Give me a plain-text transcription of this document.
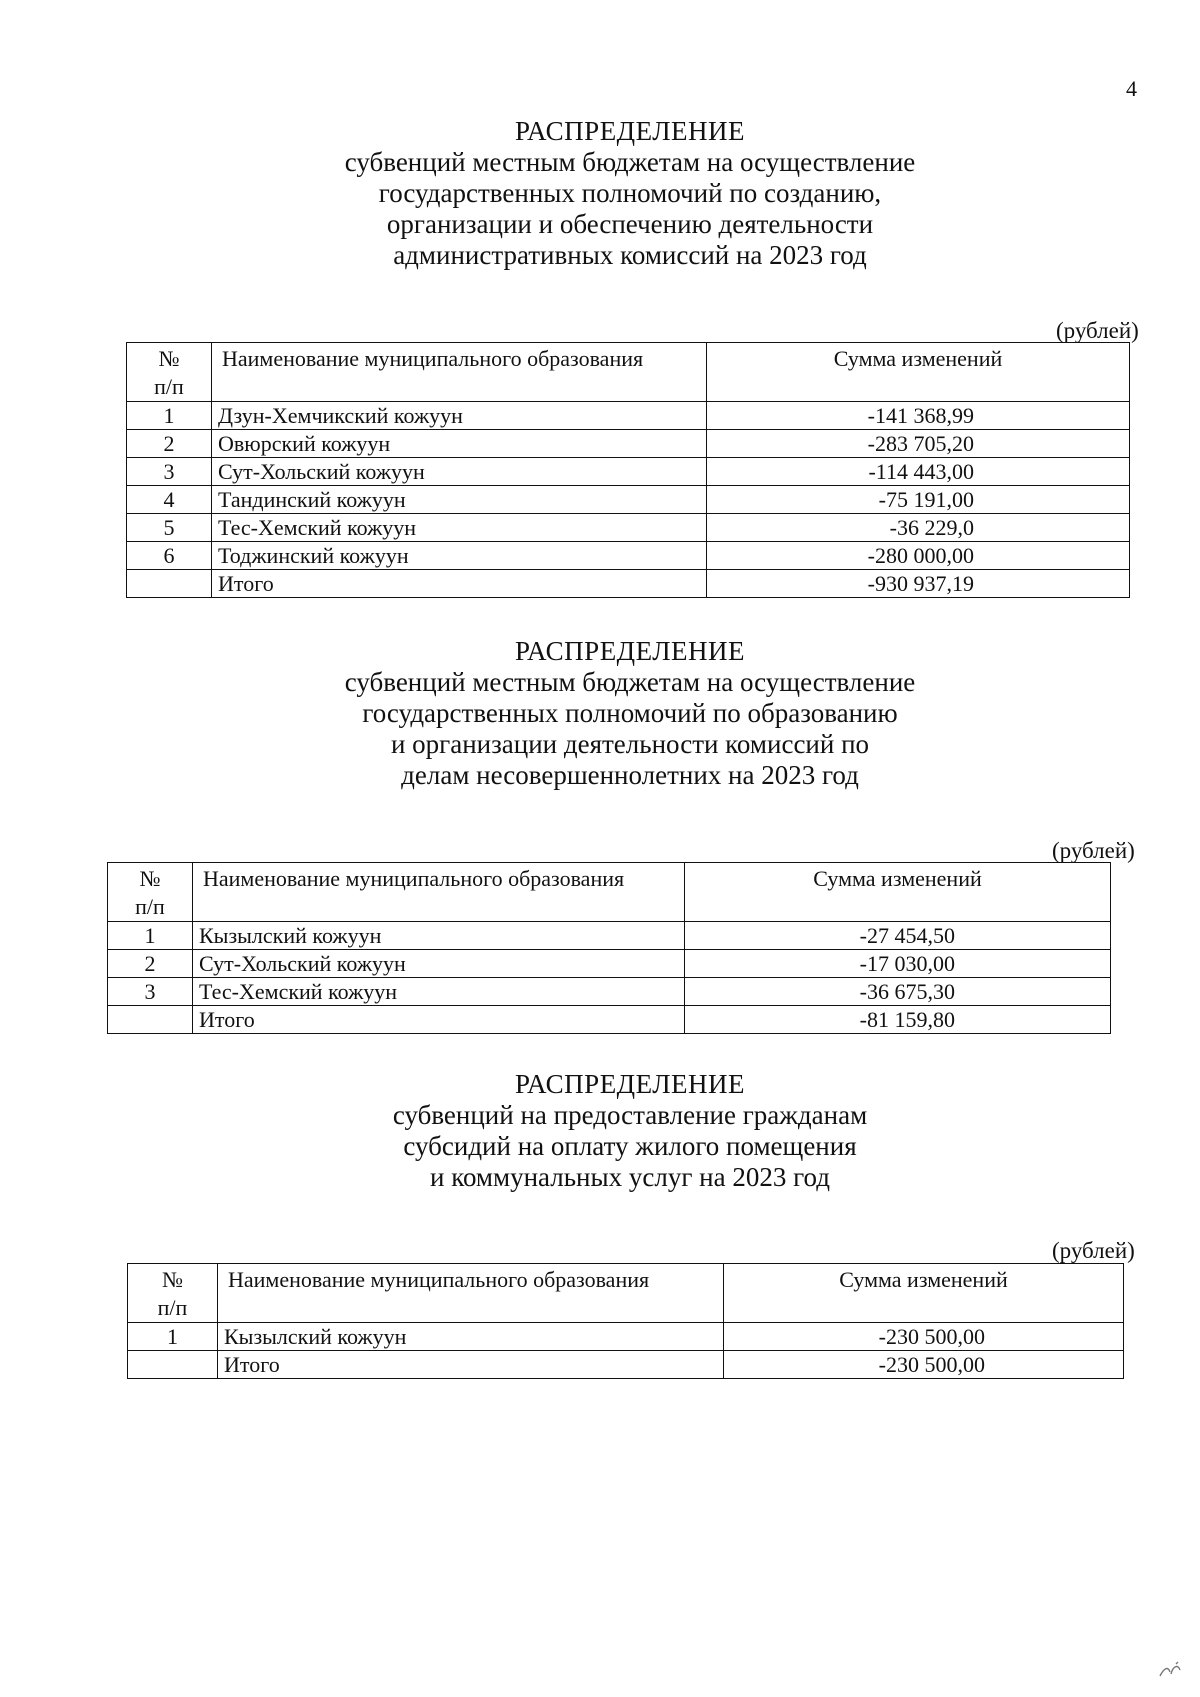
4
РАСПРЕДЕЛЕНИЕ
субвенций местным бюджетам на осуществление
государственных полномочий по созданию,
организации и обеспечению деятельности
административных комиссий на 2023 год
(рублей)
№
п/п	Наименование муниципального образования	Сумма изменений
1	Дзун-Хемчикский кожуун	-141 368,99
2	Овюрский кожуун	-283 705,20
3	Сут-Хольский кожуун	-114 443,00
4	Тандинский кожуун	-75 191,00
5	Тес-Хемский кожуун	-36 229,0
6	Тоджинский кожуун	-280 000,00
	Итого	-930 937,19
РАСПРЕДЕЛЕНИЕ
субвенций местным бюджетам на осуществление
государственных полномочий по образованию
и организации деятельности комиссий по
делам несовершеннолетних на 2023 год
(рублей)
№
п/п	Наименование муниципального образования	Сумма изменений
1	Кызылский кожуун	-27 454,50
2	Сут-Хольский кожуун	-17 030,00
3	Тес-Хемский кожуун	-36 675,30
	Итого	-81 159,80
РАСПРЕДЕЛЕНИЕ
субвенций на предоставление гражданам
субсидий на оплату жилого помещения
и коммунальных услуг на 2023 год
(рублей)
№
п/п	Наименование муниципального образования	Сумма изменений
1	Кызылский кожуун	-230 500,00
	Итого	-230 500,00
